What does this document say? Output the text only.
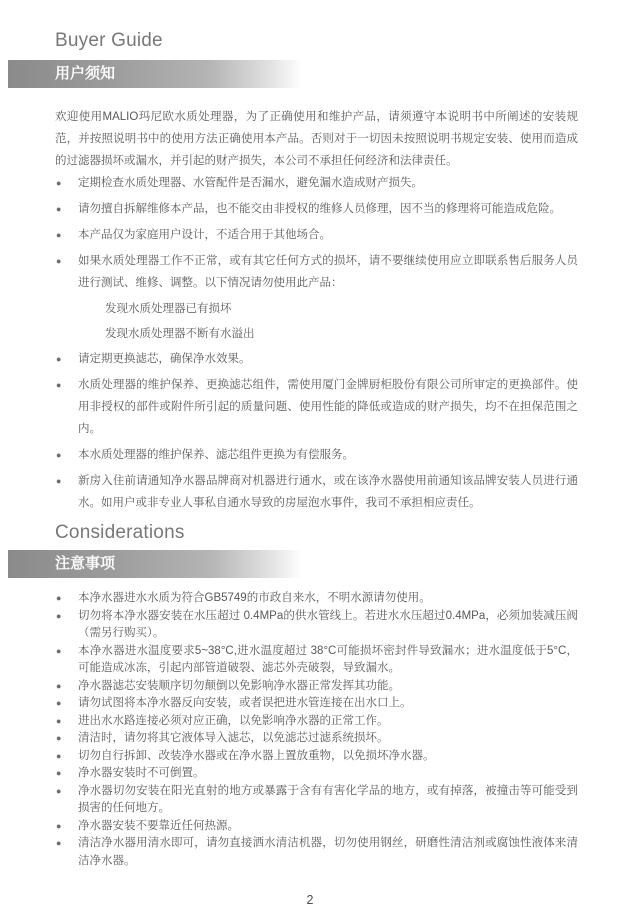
Buyer Guide
用户须知

欢迎使用MALIO玛尼欧水质处理器，为了正确使用和维护产品，请须遵守本说明书中所阐述的安装规范，并按照说明书中的使用方法正确使用本产品。否则对于一切因未按照说明书规定安装、使用而造成的过滤器损坏或漏水，并引起的财产损失，本公司不承担任何经济和法律责任。

● 定期检查水质处理器、水管配件是否漏水，避免漏水造成财产损失。
● 请勿擅自拆解维修本产品，也不能交由非授权的维修人员修理，因不当的修理将可能造成危险。
● 本产品仅为家庭用户设计，不适合用于其他场合。
● 如果水质处理器工作不正常，或有其它任何方式的损坏，请不要继续使用应立即联系售后服务人员进行测试、维修、调整。以下情况请勿使用此产品：
发现水质处理器已有损坏
发现水质处理器不断有水溢出
● 请定期更换滤芯，确保净水效果。
● 水质处理器的维护保养、更换滤芯组件，需使用厦门金牌厨柜股份有限公司所审定的更换部件。使用非授权的部件或附件所引起的质量问题、使用性能的降低或造成的财产损失，均不在担保范围之内。
● 本水质处理器的维护保养、滤芯组件更换为有偿服务。
● 新房入住前请通知净水器品牌商对机器进行通水，或在该净水器使用前通知该品牌安装人员进行通水。如用户或非专业人事私自通水导致的房屋泡水事件，我司不承担相应责任。
Considerations
注意事项
● 本净水器进水水质为符合GB5749的市政自来水，不明水源请勿使用。
● 切勿将本净水器安装在水压超过 0.4MPa的供水管线上。若进水水压超过0.4MPa，必须加装减压阀（需另行购买）。
● 本净水器进水温度要求5~38°C,进水温度超过 38°C可能损坏密封件导致漏水；进水温度低于5°C，可能造成冰冻，引起内部管道破裂、滤芯外壳破裂，导致漏水。
● 净水器滤芯安装顺序切勿颠倒以免影响净水器正常发挥其功能。
● 请勿试图将本净水器反向安装，或者误把进水管连接在出水口上。
● 进出水水路连接必须对应正确，以免影响净水器的正常工作。
● 清洁时，请勿将其它液体导入滤芯，以免滤芯过滤系统损坏。
● 切勿自行拆卸、改装净水器或在净水器上置放重物，以免损坏净水器。
● 净水器安装时不可倒置。
● 净水器切勿安装在阳光直射的地方或暴露于含有有害化学品的地方，或有掉落，被撞击等可能受到损害的任何地方。
● 净水器安装不要靠近任何热源。
● 清洁净水器用清水即可，请勿直接洒水清洁机器，切勿使用钢丝，研磨性清洁剂或腐蚀性液体来清洁净水器。
2
